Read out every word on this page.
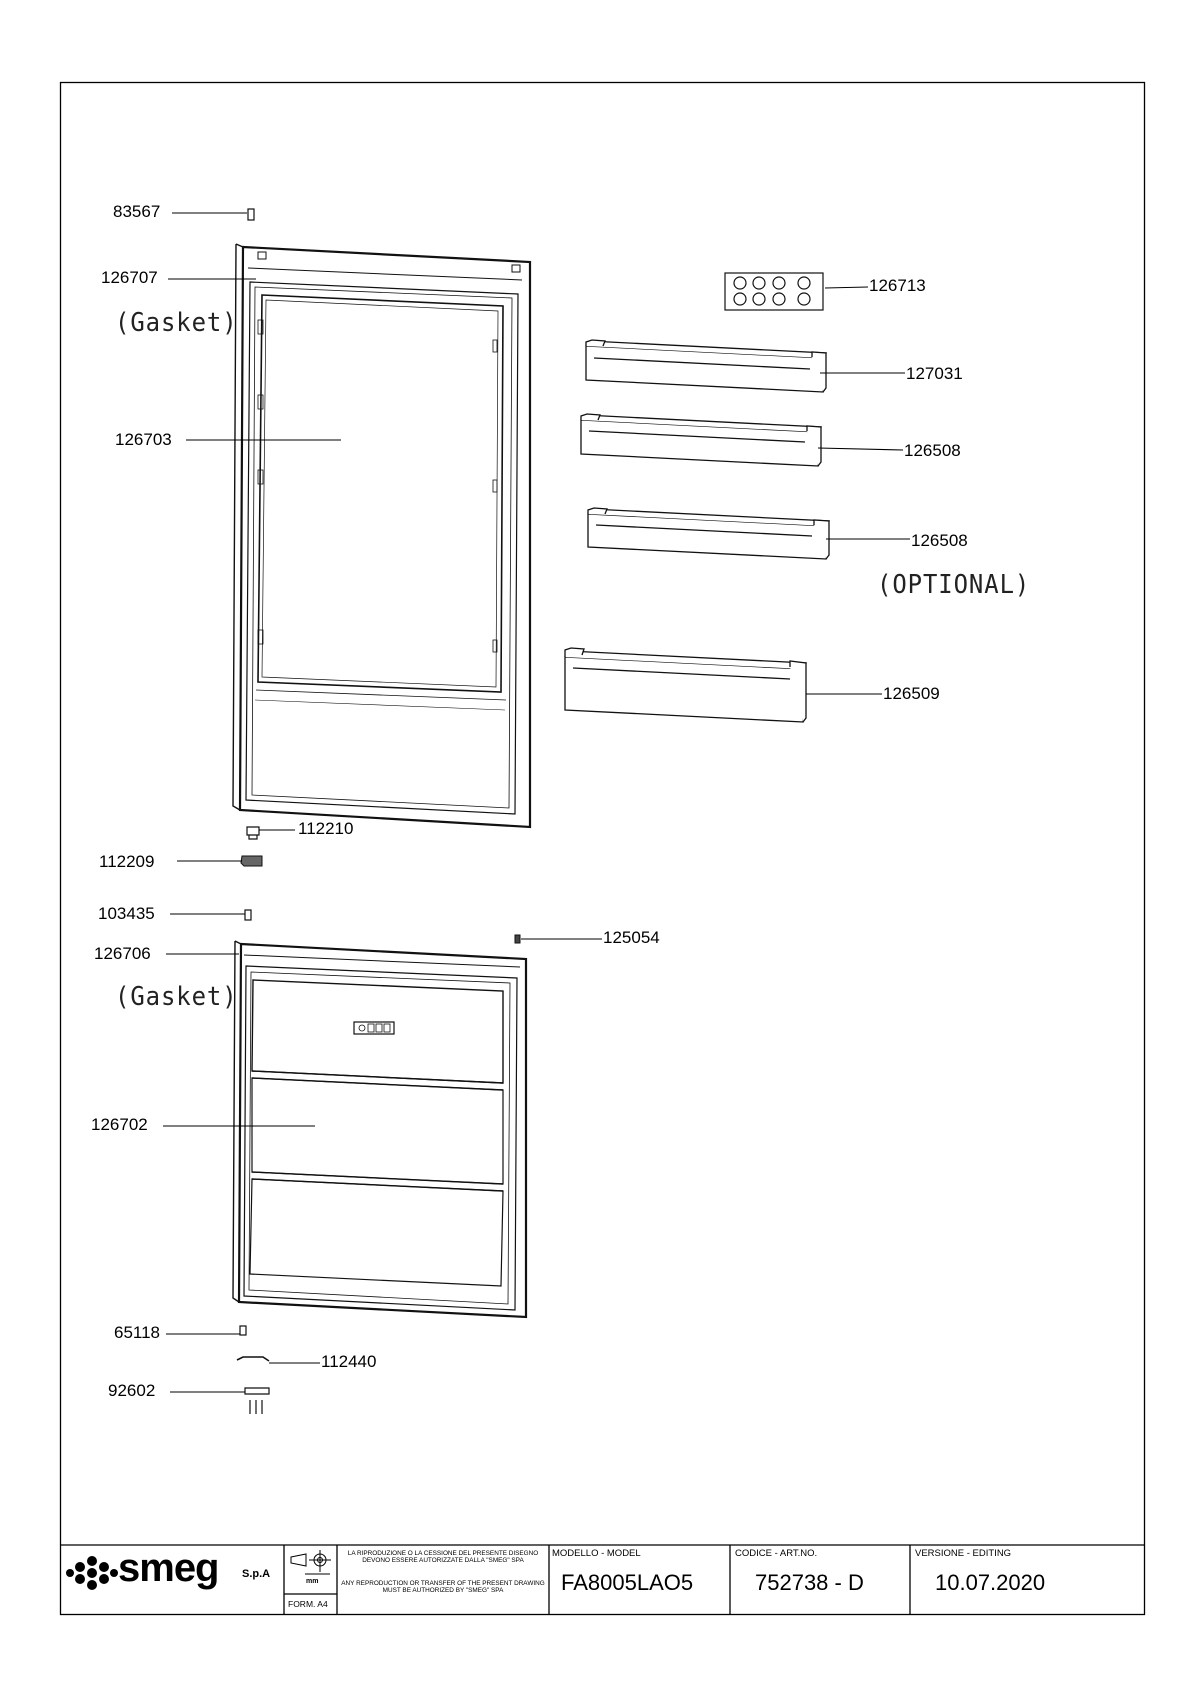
83567
126707
126703
126713
127031
126508
126508
126509
112210
112209
103435
125054
126706
126702
65118
112440
92602
(Gasket)
(Gasket)
(OPTIONAL)
smeg S.p.A
mm
FORM. A4
LA RIPRODUZIONE O LA CESSIONE DEL PRESENTE DISEGNO DEVONO ESSERE AUTORIZZATE DALLA "SMEG" SPA
ANY REPRODUCTION OR TRANSFER OF THE PRESENT DRAWING MUST BE AUTHORIZED BY "SMEG" SPA
MODELLO - MODEL
FA8005LAO5
CODICE - ART.NO.
752738 - D
VERSIONE - EDITING
10.07.2020
